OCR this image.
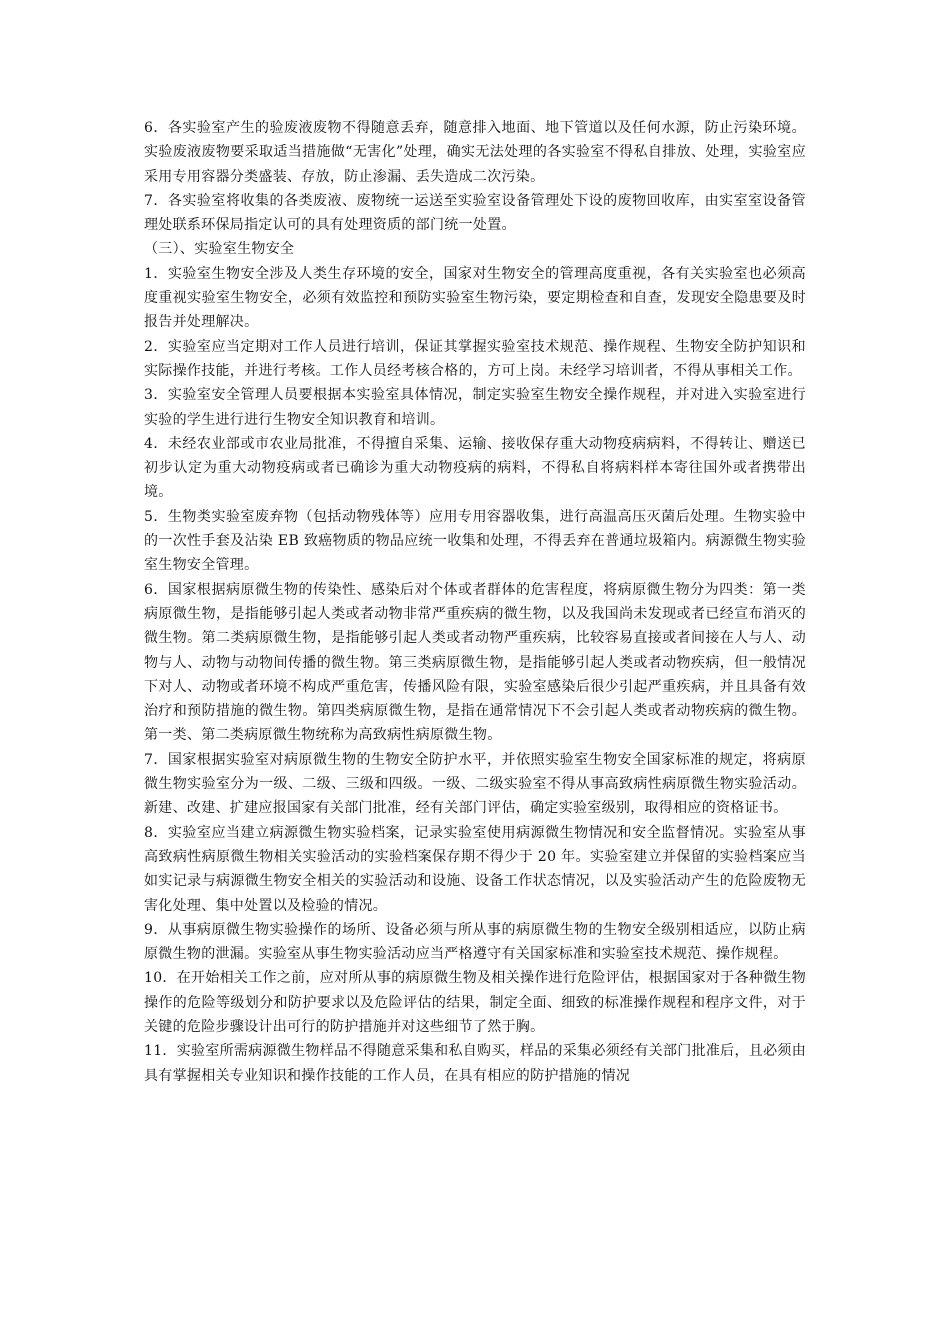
6．各实验室产生的验废液废物不得随意丢弃，随意排入地面、地下管道以及任何水源，防止污染环境。实验废液废物要采取适当措施做“无害化”处理，确实无法处理的各实验室不得私自排放、处理，实验室应采用专用容器分类盛装、存放，防止渗漏、丢失造成二次污染。

7．各实验室将收集的各类废液、废物统一运送至实验室设备管理处下设的废物回收库，由实室室设备管理处联系环保局指定认可的具有处理资质的部门统一处置。

（三）、实验室生物安全

1．实验室生物安全涉及人类生存环境的安全，国家对生物安全的管理高度重视，各有关实验室也必须高度重视实验室生物安全，必须有效监控和预防实验室生物污染，要定期检查和自查，发现安全隐患要及时报告并处理解决。

2．实验室应当定期对工作人员进行培训，保证其掌握实验室技术规范、操作规程、生物安全防护知识和实际操作技能，并进行考核。工作人员经考核合格的，方可上岗。未经学习培训者，不得从事相关工作。

3．实验室安全管理人员要根据本实验室具体情况，制定实验室生物安全操作规程，并对进入实验室进行实验的学生进行进行生物安全知识教育和培训。

4．未经农业部或市农业局批准，不得擅自采集、运输、接收保存重大动物疫病病料，不得转让、赠送已初步认定为重大动物疫病或者已确诊为重大动物疫病的病料，不得私自将病料样本寄往国外或者携带出境。

5．生物类实验室废弃物（包括动物残体等）应用专用容器收集，进行高温高压灭菌后处理。生物实验中的一次性手套及沾染 EB 致癌物质的物品应统一收集和处理，不得丢弃在普通垃圾箱内。病源微生物实验室生物安全管理。

6．国家根据病原微生物的传染性、感染后对个体或者群体的危害程度，将病原微生物分为四类：第一类病原微生物，是指能够引起人类或者动物非常严重疾病的微生物，以及我国尚未发现或者已经宣布消灭的微生物。第二类病原微生物，是指能够引起人类或者动物严重疾病，比较容易直接或者间接在人与人、动物与人、动物与动物间传播的微生物。第三类病原微生物，是指能够引起人类或者动物疾病，但一般情况下对人、动物或者环境不构成严重危害，传播风险有限，实验室感染后很少引起严重疾病，并且具备有效治疗和预防措施的微生物。第四类病原微生物，是指在通常情况下不会引起人类或者动物疾病的微生物。第一类、第二类病原微生物统称为高致病性病原微生物。

7．国家根据实验室对病原微生物的生物安全防护水平，并依照实验室生物安全国家标准的规定，将病原微生物实验室分为一级、二级、三级和四级。一级、二级实验室不得从事高致病性病原微生物实验活动。新建、改建、扩建应报国家有关部门批准，经有关部门评估，确定实验室级别，取得相应的资格证书。

8．实验室应当建立病源微生物实验档案，记录实验室使用病源微生物情况和安全监督情况。实验室从事高致病性病原微生物相关实验活动的实验档案保存期不得少于 20 年。实验室建立并保留的实验档案应当如实记录与病源微生物安全相关的实验活动和设施、设备工作状态情况，以及实验活动产生的危险废物无害化处理、集中处置以及检验的情况。

9．从事病原微生物实验操作的场所、设备必须与所从事的病原微生物的生物安全级别相适应，以防止病原微生物的泄漏。实验室从事生物实验活动应当严格遵守有关国家标准和实验室技术规范、操作规程。

10．在开始相关工作之前，应对所从事的病原微生物及相关操作进行危险评估，根据国家对于各种微生物操作的危险等级划分和防护要求以及危险评估的结果，制定全面、细致的标准操作规程和程序文件，对于关键的危险步骤设计出可行的防护措施并对这些细节了然于胸。

11．实验室所需病源微生物样品不得随意采集和私自购买，样品的采集必须经有关部门批准后，且必须由具有掌握相关专业知识和操作技能的工作人员，在具有相应的防护措施的情况
